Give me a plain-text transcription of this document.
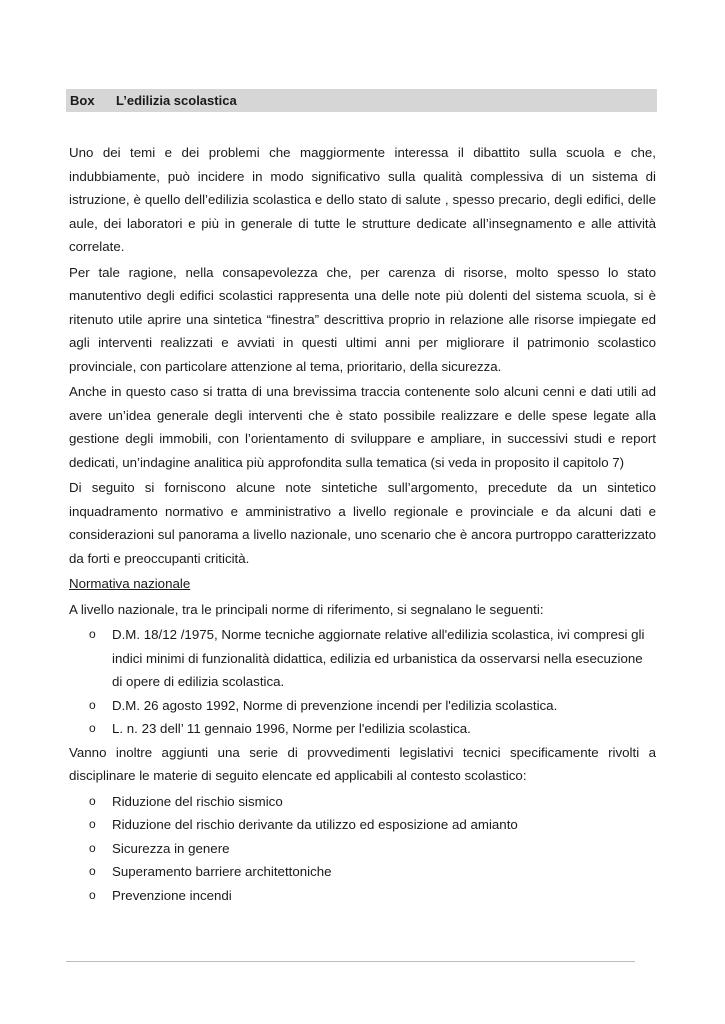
Box L’edilizia scolastica

Uno dei temi e dei problemi che maggiormente interessa il dibattito sulla scuola e che, indubbiamente, può incidere in modo significativo sulla qualità complessiva di un sistema di istruzione, è quello dell’edilizia scolastica e dello stato di salute , spesso precario, degli edifici, delle aule, dei laboratori e più in generale di tutte le strutture dedicate all’insegnamento e alle attività correlate.

Per tale ragione, nella consapevolezza che, per carenza di risorse, molto spesso lo stato manutentivo degli edifici scolastici rappresenta una delle note più dolenti del sistema scuola, si è ritenuto utile aprire una sintetica “finestra” descrittiva proprio in relazione alle risorse impiegate ed agli interventi realizzati e avviati in questi ultimi anni per migliorare il patrimonio scolastico provinciale, con particolare attenzione al tema, prioritario, della sicurezza.

Anche in questo caso si tratta di una brevissima traccia contenente solo alcuni cenni e dati utili ad avere un’idea generale degli interventi che è stato possibile realizzare e delle spese legate alla gestione degli immobili, con l’orientamento di sviluppare e ampliare, in successivi studi e report dedicati, un’indagine analitica più approfondita sulla tematica (si veda in proposito il capitolo 7)

Di seguito si forniscono alcune note sintetiche sull’argomento, precedute da un sintetico inquadramento normativo e amministrativo a livello regionale e provinciale e da alcuni dati e considerazioni sul panorama a livello nazionale, uno scenario che è ancora purtroppo caratterizzato da forti e preoccupanti criticità.

Normativa nazionale

A livello nazionale, tra le principali norme di riferimento, si segnalano le seguenti:

o D.M. 18/12 /1975, Norme tecniche aggiornate relative all'edilizia scolastica, ivi compresi gli indici minimi di funzionalità didattica, edilizia ed urbanistica da osservarsi nella esecuzione di opere di edilizia scolastica.
o D.M. 26 agosto 1992, Norme di prevenzione incendi per l'edilizia scolastica.
o L. n. 23 dell’ 11 gennaio 1996, Norme per l'edilizia scolastica.

Vanno inoltre aggiunti una serie di provvedimenti legislativi tecnici specificamente rivolti a disciplinare le materie di seguito elencate ed applicabili al contesto scolastico:

o Riduzione del rischio sismico
o Riduzione del rischio derivante da utilizzo ed esposizione ad amianto
o Sicurezza in genere
o Superamento barriere architettoniche
o Prevenzione incendi
